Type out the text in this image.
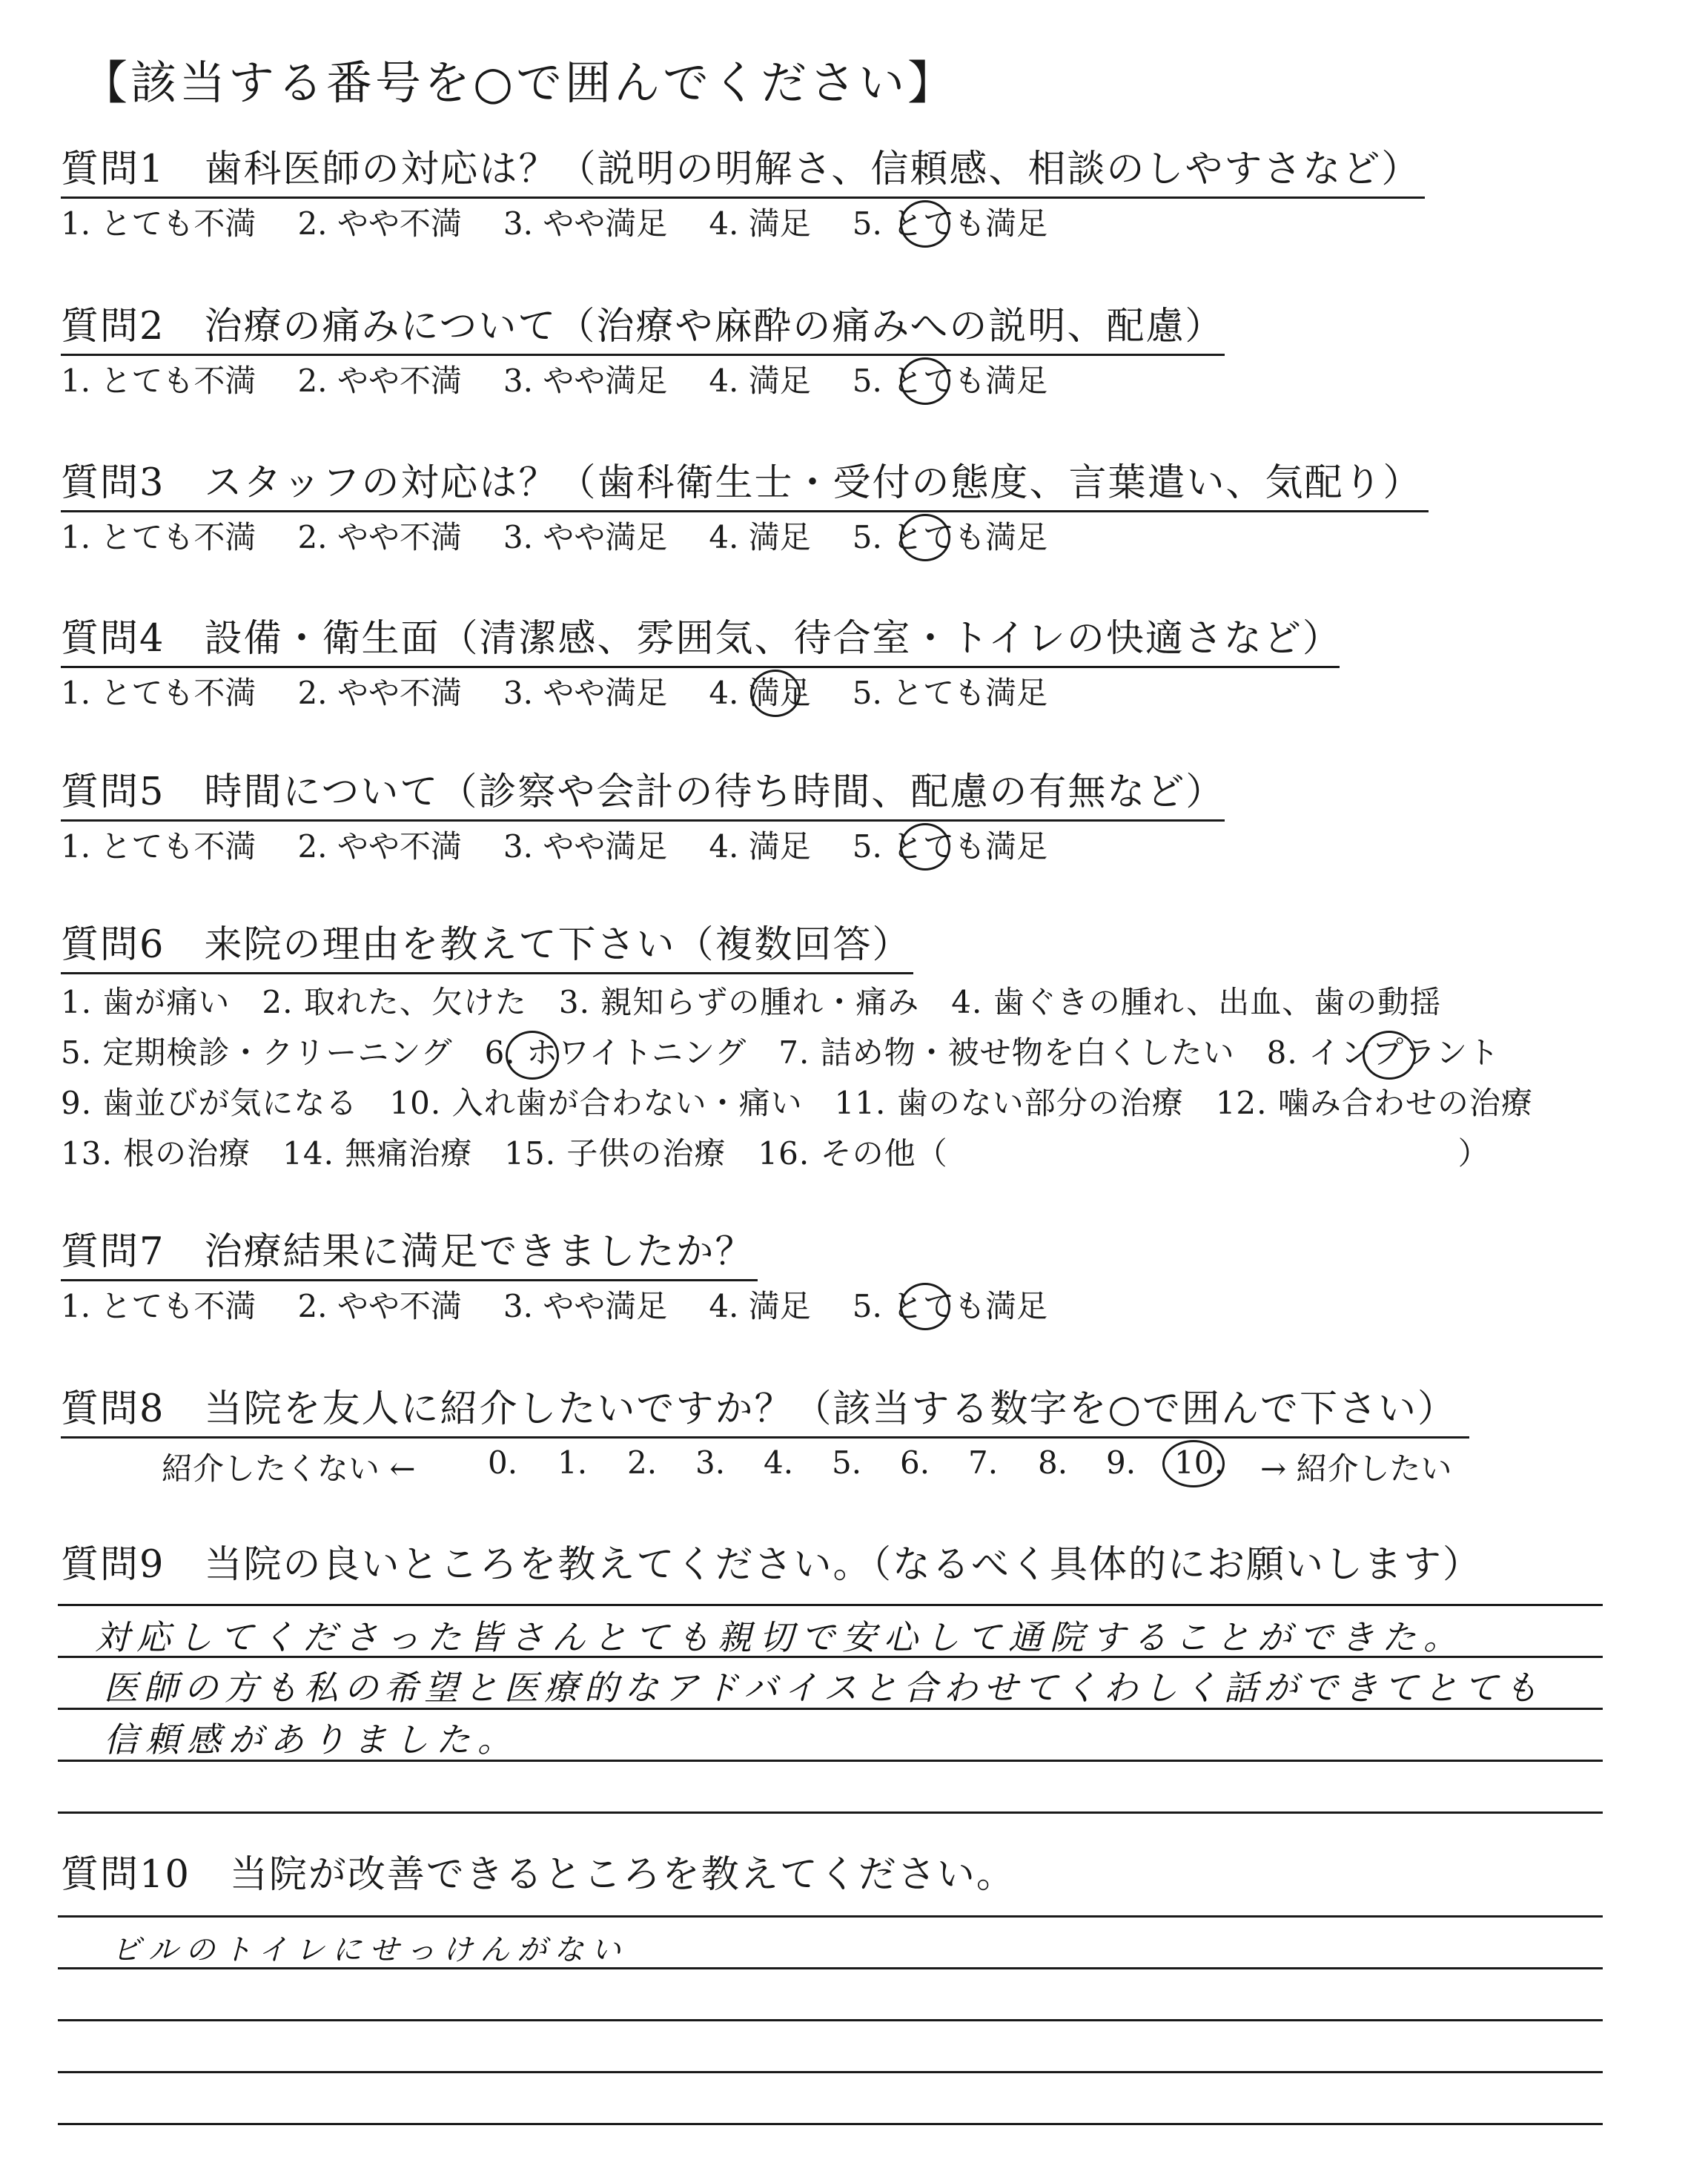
【該当する番号を○で囲んでください】
質問1　歯科医師の対応は？（説明の明解さ、信頼感、相談のしやすさなど）
1. とても不満 2. やや不満 3. やや満足 4. 満足 5. とても満足
質問2　治療の痛みについて（治療や麻酔の痛みへの説明、配慮）
1. とても不満 2. やや不満 3. やや満足 4. 満足 5. とても満足
質問3　スタッフの対応は？（歯科衛生士・受付の態度、言葉遣い、気配り）
1. とても不満 2. やや不満 3. やや満足 4. 満足 5. とても満足
質問4　設備・衛生面（清潔感、雰囲気、待合室・トイレの快適さなど）
1. とても不満 2. やや不満 3. やや満足 4. 満足 5. とても満足
質問5　時間について（診察や会計の待ち時間、配慮の有無など）
1. とても不満 2. やや不満 3. やや満足 4. 満足 5. とても満足
質問6　来院の理由を教えて下さい（複数回答）
1. 歯が痛い　2. 取れた、欠けた　3. 親知らずの腫れ・痛み　4. 歯ぐきの腫れ、出血、歯の動揺
5. 定期検診・クリーニング　6. ホワイトニング　7. 詰め物・被せ物を白くしたい　8. インプラント
9. 歯並びが気になる　10. 入れ歯が合わない・痛い　11. 歯のない部分の治療　12. 噛み合わせの治療
13. 根の治療　14. 無痛治療　15. 子供の治療　16. その他（　　　　　　　　　　　　　　　　）
質問7　治療結果に満足できましたか？
1. とても不満 2. やや不満 3. やや満足 4. 満足 5. とても満足
質問8　当院を友人に紹介したいですか？（該当する数字を○で囲んで下さい）
紹介したくない ← 0. 1. 2. 3. 4. 5. 6. 7. 8. 9. 10. → 紹介したい
質問9　当院の良いところを教えてください。（なるべく具体的にお願いします）
対応してくださった皆さんとても親切で安心して通院することができた。
医師の方も私の希望と医療的なアドバイスと合わせてくわしく話ができてとても
信頼感がありました。
質問10　当院が改善できるところを教えてください。
ビルのトイレにせっけんがない
